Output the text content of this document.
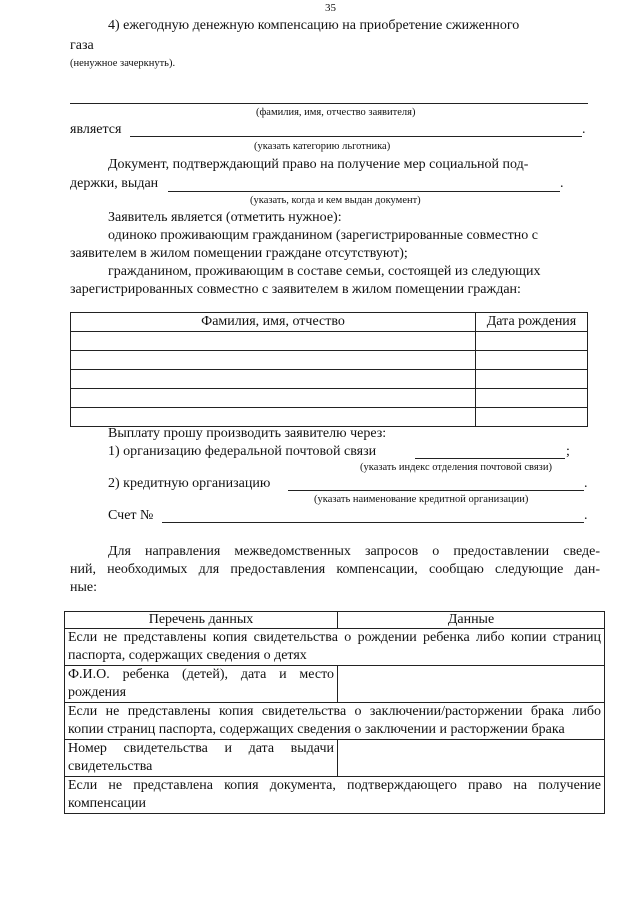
35
4) ежегодную денежную компенсацию на приобретение сжиженного
газа
(ненужное зачеркнуть).
(фамилия, имя, отчество заявителя)
является	.
(указать категорию льготника)
Документ, подтверждающий право на получение мер социальной под-
держки, выдан	.
(указать, когда и кем выдан документ)
Заявитель является (отметить нужное):
одиноко проживающим гражданином (зарегистрированные совместно с
заявителем в жилом помещении граждане отсутствуют);
гражданином, проживающим в составе семьи, состоящей из следующих
зарегистрированных совместно с заявителем в жилом помещении граждан:
Фамилия, имя, отчество	Дата рождения

Выплату прошу производить заявителю через:
1) организацию федеральной почтовой связи	;
(указать индекс отделения почтовой связи)
2) кредитную организацию	.
(указать наименование кредитной организации)
Счет №	.
Для направления межведомственных запросов о предоставлении сведе-
ний, необходимых для предоставления компенсации, сообщаю следующие дан-
ные:
Перечень данных	Данные
Если не представлены копия свидетельства о рождении ребенка либо копии страниц паспорта, содержащих сведения о детях	
Ф.И.О. ребенка (детей), дата и место рождения	
Если не представлены копия свидетельства о заключении/расторжении брака либо копии страниц паспорта, содержащих сведения о заключении и расторжении брака	
Номер свидетельства и дата выдачи свидетельства	
Если не представлена копия документа, подтверждающего право на получение компенсации	
